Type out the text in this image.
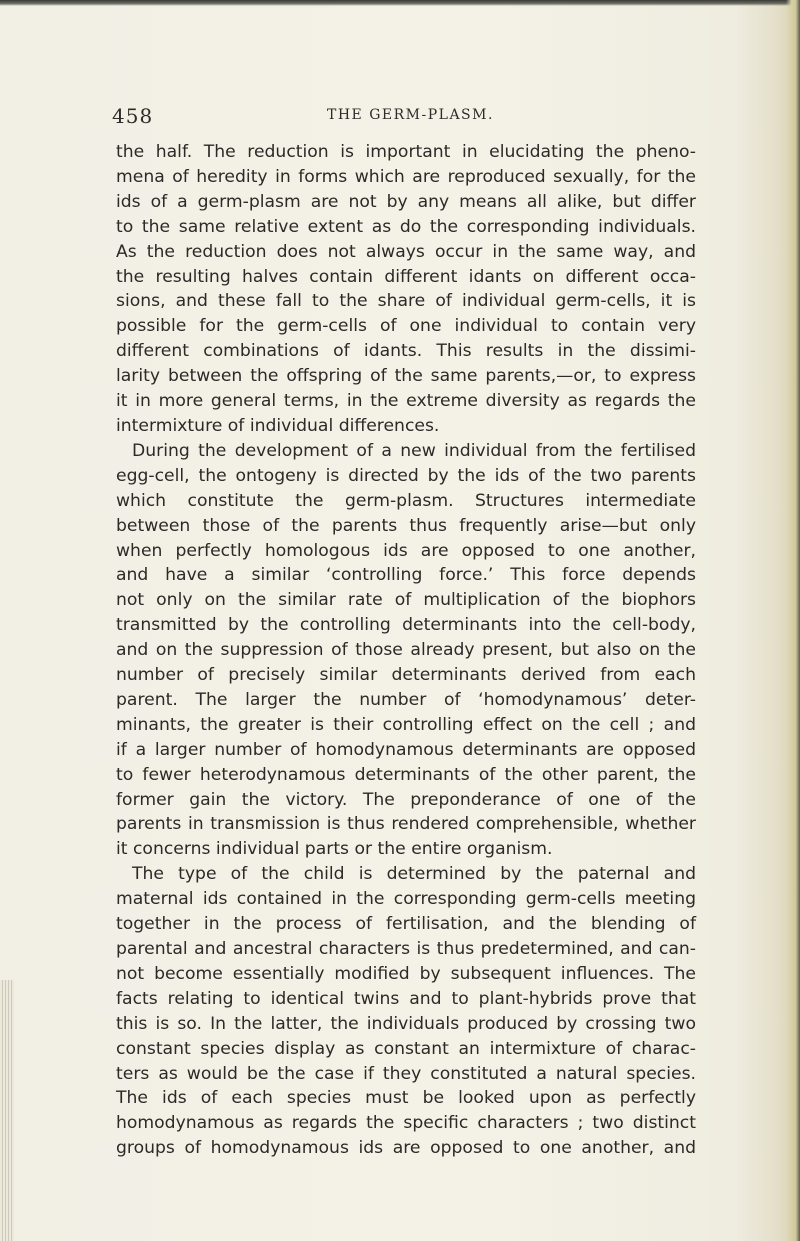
458	THE GERM-PLASM.
the half. The reduction is important in elucidating the pheno-
mena of heredity in forms which are reproduced sexually, for the
ids of a germ-plasm are not by any means all alike, but differ
to the same relative extent as do the corresponding individuals.
As the reduction does not always occur in the same way, and
the resulting halves contain different idants on different occa-
sions, and these fall to the share of individual germ-cells, it is
possible for the germ-cells of one individual to contain very
different combinations of idants. This results in the dissimi-
larity between the offspring of the same parents,—or, to express
it in more general terms, in the extreme diversity as regards the
intermixture of individual differences.
During the development of a new individual from the fertilised
egg-cell, the ontogeny is directed by the ids of the two parents
which constitute the germ-plasm. Structures intermediate
between those of the parents thus frequently arise—but only
when perfectly homologous ids are opposed to one another,
and have a similar ‘controlling force.’ This force depends
not only on the similar rate of multiplication of the biophors
transmitted by the controlling determinants into the cell-body,
and on the suppression of those already present, but also on the
number of precisely similar determinants derived from each
parent. The larger the number of ‘homodynamous’ deter-
minants, the greater is their controlling effect on the cell ; and
if a larger number of homodynamous determinants are opposed
to fewer heterodynamous determinants of the other parent, the
former gain the victory. The preponderance of one of the
parents in transmission is thus rendered comprehensible, whether
it concerns individual parts or the entire organism.
The type of the child is determined by the paternal and
maternal ids contained in the corresponding germ-cells meeting
together in the process of fertilisation, and the blending of
parental and ancestral characters is thus predetermined, and can-
not become essentially modified by subsequent influences. The
facts relating to identical twins and to plant-hybrids prove that
this is so. In the latter, the individuals produced by crossing two
constant species display as constant an intermixture of charac-
ters as would be the case if they constituted a natural species.
The ids of each species must be looked upon as perfectly
homodynamous as regards the specific characters ; two distinct
groups of homodynamous ids are opposed to one another, and
